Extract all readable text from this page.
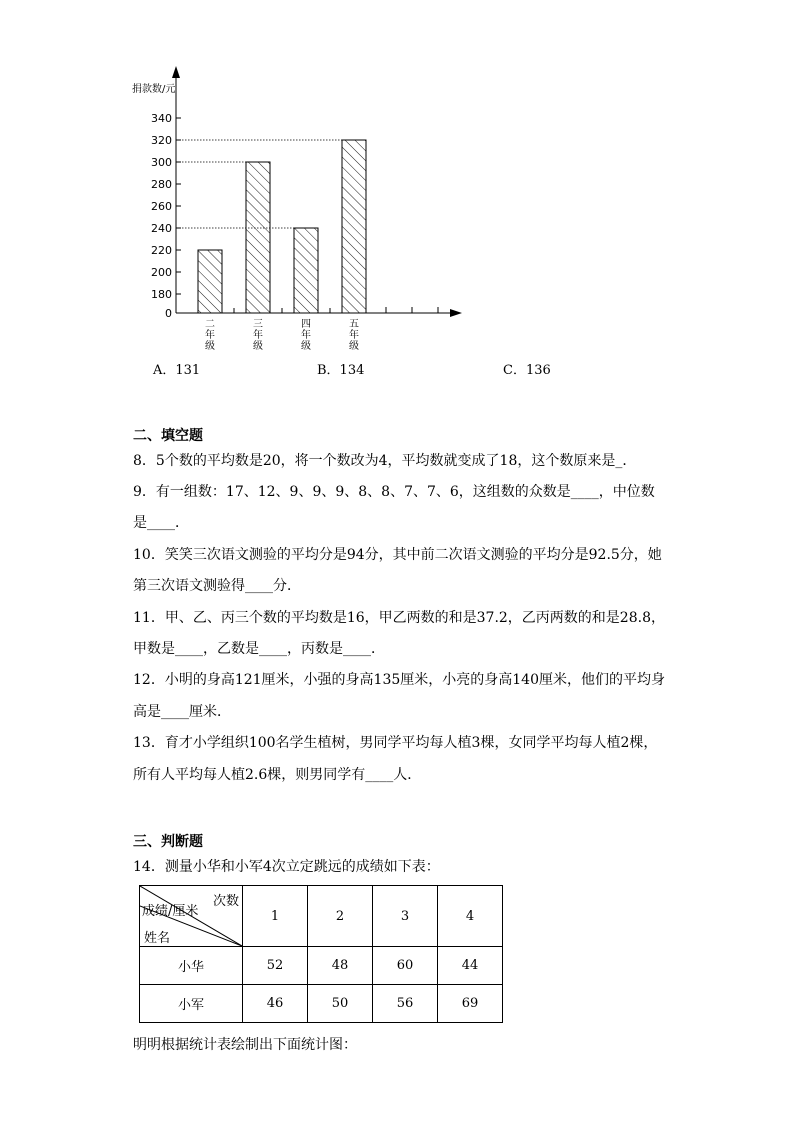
捐款数/元
0
180
200
220
240
260
280
300
320
340
二
年
级
三
年
级
四
年
级
五
年
级
A．131	B．134	C．136
二、填空题
8．5个数的平均数是20，将一个数改为4，平均数就变成了18，这个数原来是_．
9．有一组数：17、12、9、9、9、8、8、7、7、6，这组数的众数是____，中位数
是____．
10．笑笑三次语文测验的平均分是94分，其中前二次语文测验的平均分是92.5分，她
第三次语文测验得____分．
11．甲、乙、丙三个数的平均数是16，甲乙两数的和是37.2，乙丙两数的和是28.8，
甲数是____，乙数是____，丙数是____．
12．小明的身高121厘米，小强的身高135厘米，小亮的身高140厘米，他们的平均身
高是____厘米．
13．育才小学组织100名学生植树，男同学平均每人植3棵，女同学平均每人植2棵，
所有人平均每人植2.6棵，则男同学有____人．
三、判断题
14．测量小华和小军4次立定跳远的成绩如下表：
次数
成绩/厘米
姓名	1	2	3	4
小华	52	48	60	44
小军	46	50	56	69
明明根据统计表绘制出下面统计图：
